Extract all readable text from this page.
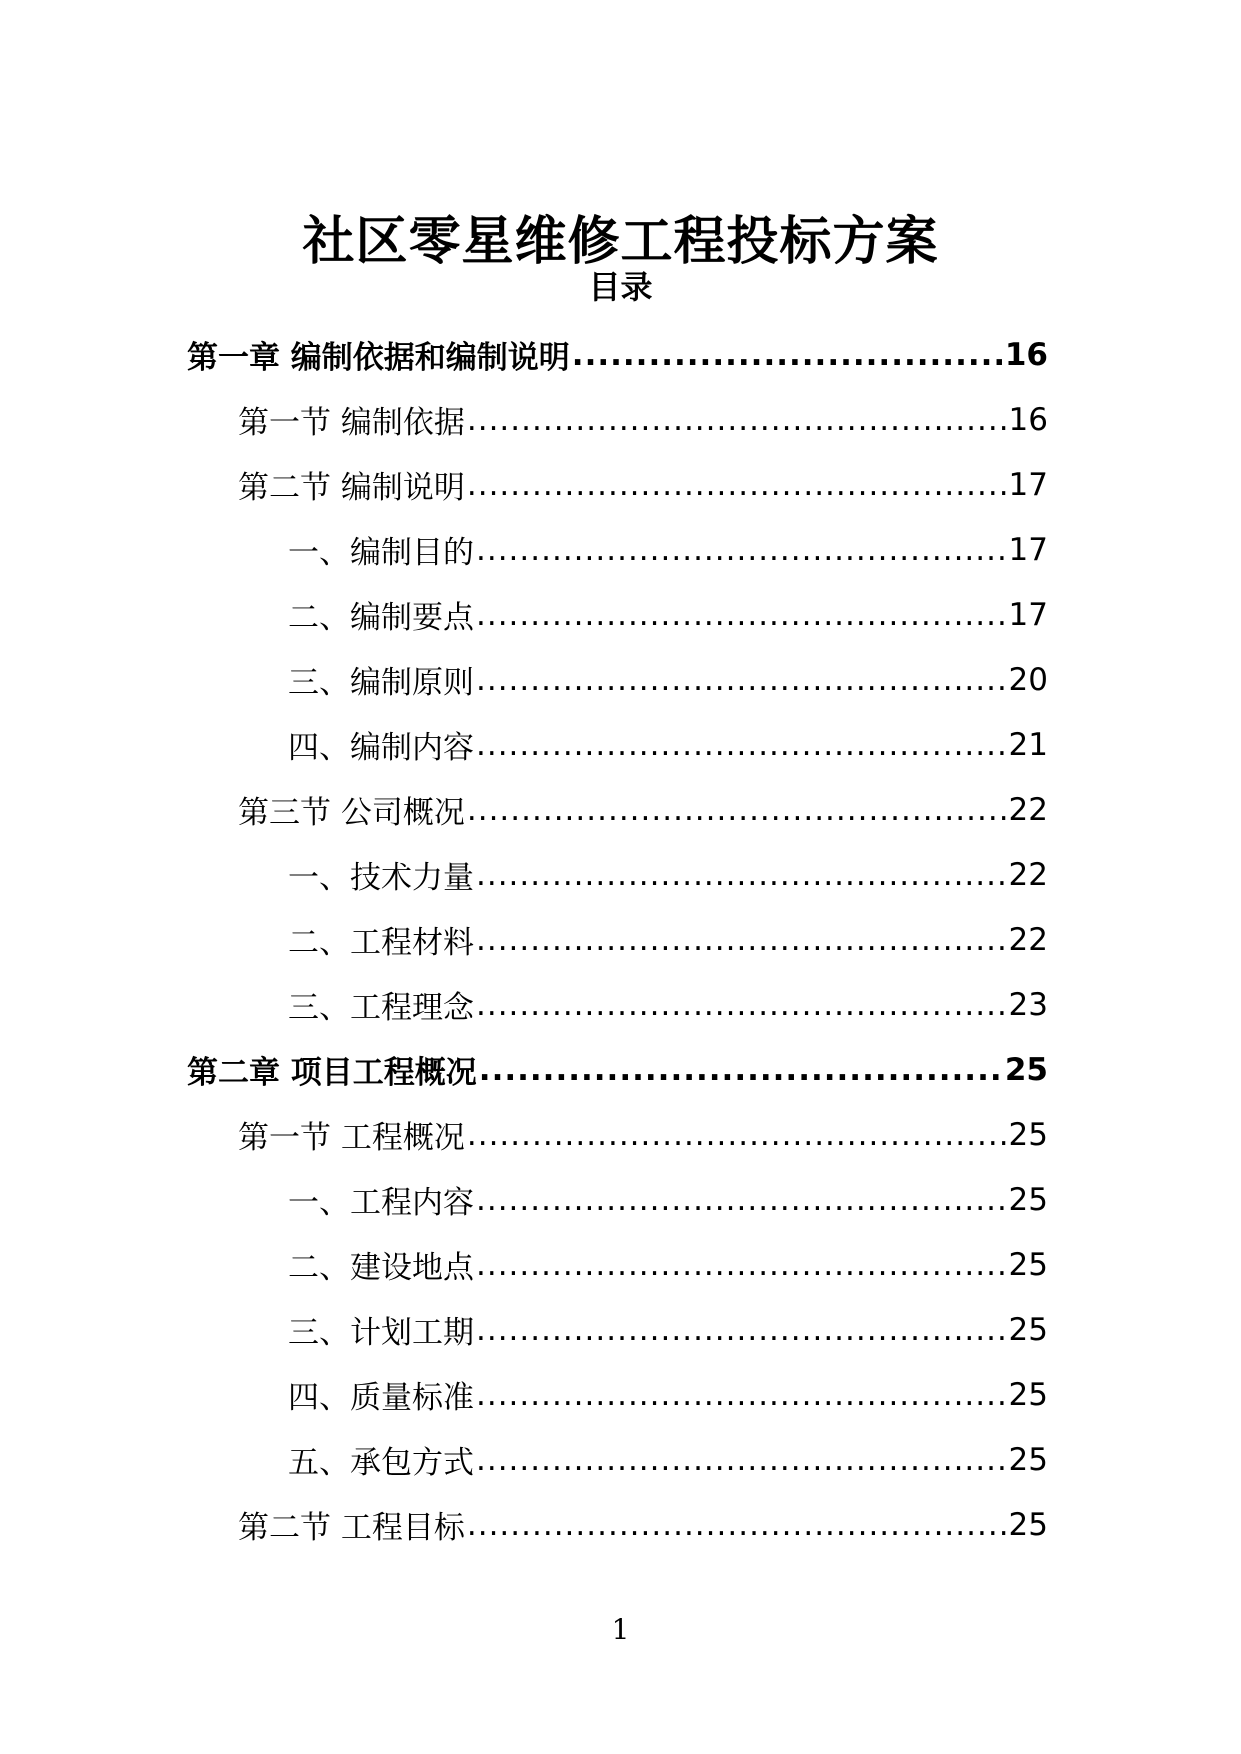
社区零星维修工程投标方案
目录
第一章 编制依据和编制说明 .....	16
第一节 编制依据 .....	16
第二节 编制说明 .....	17
一、编制目的 .....	17
二、编制要点 .....	17
三、编制原则 .....	20
四、编制内容 .....	21
第三节 公司概况 .....	22
一、技术力量 .....	22
二、工程材料 .....	22
三、工程理念 .....	23
第二章 项目工程概况 .....	25
第一节 工程概况 .....	25
一、工程内容 .....	25
二、建设地点 .....	25
三、计划工期 .....	25
四、质量标准 .....	25
五、承包方式 .....	25
第二节 工程目标 .....	25
1
